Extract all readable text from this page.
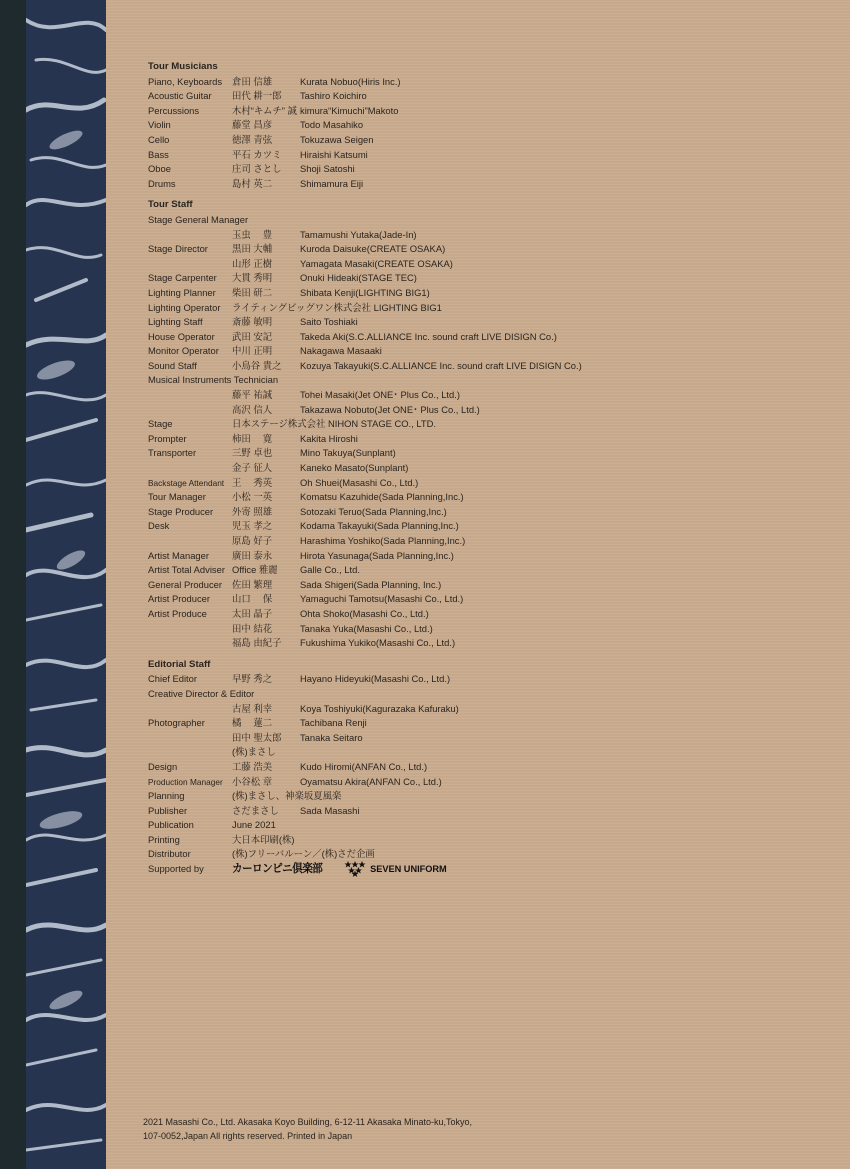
Tour Musicians
Piano, Keyboards 倉田 信雄	Kurata Nobuo(Hiris Inc.)
Acoustic Guitar 田代 耕一郎 Tashiro Koichiro
Percussions	木村“キムチ” 誠 kimura“Kimuchi”Makoto
Violin	藤堂 昌彦	Todo Masahiko
Cello	徳澤 青弦	Tokuzawa Seigen
Bass	平石 カツミ Hiraishi Katsumi
Oboe	庄司 さとし Shoji Satoshi
Drums	島村 英二	Shimamura Eiji
Tour Staff
Stage General Manager
玉虫 　豊	Tamamushi Yutaka(Jade-In)
Stage Director	黒田 大輔	Kuroda Daisuke(CREATE OSAKA)
山形 正樹	Yamagata Masaki(CREATE OSAKA)
Stage Carpenter 大貫 秀明	Onuki Hideaki(STAGE TEC)
Lighting Planner 柴田 研二	Shibata Kenji(LIGHTING BIG1)
Lighting Operator ライティングビッグワン株式会社 LIGHTING BIG1
Lighting Staff	斎藤 敏明	Saito Toshiaki
House Operator 武田 安記	Takeda Aki(S.C.ALLIANCE Inc. sound craft LIVE DISIGN Co.)
Monitor Operator 中川 正明	Nakagawa Masaaki
Sound Staff	小鳥谷 貴之 Kozuya Takayuki(S.C.ALLIANCE Inc. sound craft LIVE DISIGN Co.)
Musical Instruments Technician
藤平 祐誠	Tohei Masaki(Jet ONE･ Plus Co., Ltd.)
高沢 信人	Takazawa Nobuto(Jet ONE･ Plus Co., Ltd.)
Stage	日本ステージ株式会社 NIHON STAGE CO., LTD.
Prompter	柿田 　寛	Kakita Hiroshi
Transporter	三野 卓也	Mino Takuya(Sunplant)
金子 征人	Kaneko Masato(Sunplant)
Backstage Attendant 王 　秀英	Oh Shuei(Masashi Co., Ltd.)
Tour Manager	小松 一英	Komatsu Kazuhide(Sada Planning,Inc.)
Stage Producer 外寄 照雄	Sotozaki Teruo(Sada Planning,Inc.)
Desk	児玉 孝之	Kodama Takayuki(Sada Planning,Inc.)
原島 好子	Harashima Yoshiko(Sada Planning,Inc.)
Artist Manager 廣田 泰永	Hirota Yasunaga(Sada Planning,Inc.)
Artist Total Adviser Office 雅麗 Galle Co., Ltd.
General Producer 佐田 繁理	Sada Shigeri(Sada Planning, Inc.)
Artist Producer 山口 　保	Yamaguchi Tamotsu(Masashi Co., Ltd.)
Artist Produce	太田 晶子	Ohta Shoko(Masashi Co., Ltd.)
田中 結花	Tanaka Yuka(Masashi Co., Ltd.)
福島 由紀子 Fukushima Yukiko(Masashi Co., Ltd.)
Editorial Staff
Chief Editor	早野 秀之	Hayano Hideyuki(Masashi Co., Ltd.)
Creative Director & Editor
古屋 利幸	Koya Toshiyuki(Kagurazaka Kafuraku)
Photographer	橘 　蓮二	Tachibana Renji
田中 聖太郎 Tanaka Seitaro
(株)まさし
Design	工藤 浩美	Kudo Hiromi(ANFAN Co., Ltd.)
Production Manager 小谷松 章	Oyamatsu Akira(ANFAN Co., Ltd.)
Planning	(株)まさし、神楽坂夏風楽
Publisher	さだまさし Sada Masashi
Publication	June 2021
Printing	大日本印刷(株)
Distributor	(株)フリーバルーン／(株)さだ企画
Supported by カーロンピニ倶楽部	SEVEN UNIFORM
2021 Masashi Co., Ltd. Akasaka Koyo Building, 6-12-11 Akasaka Minato-ku,Tokyo,
107-0052,Japan All rights reserved. Printed in Japan
